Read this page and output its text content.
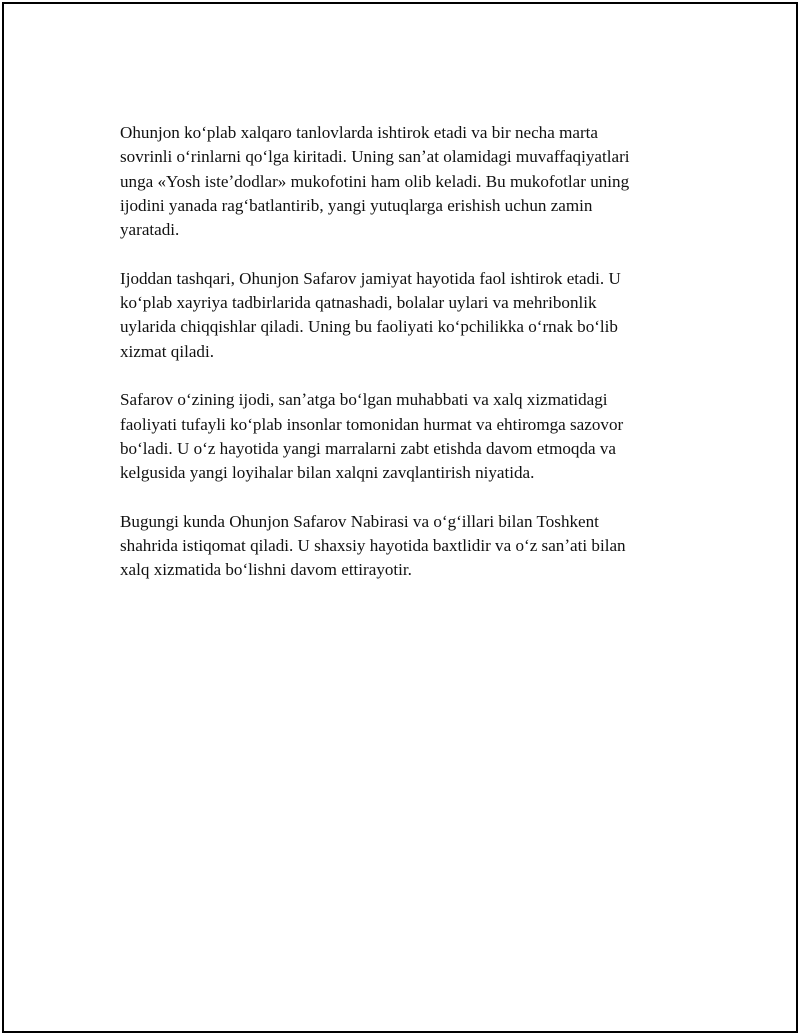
Ohunjon koʻplab xalqaro tanlovlarda ishtirok etadi va bir necha marta
sovrinli oʻrinlarni qoʻlga kiritadi. Uning sanʼat olamidagi muvaffaqiyatlari
unga «Yosh isteʼdodlar» mukofotini ham olib keladi. Bu mukofotlar uning
ijodini yanada ragʻbatlantirib, yangi yutuqlarga erishish uchun zamin
yaratadi.

Ijoddan tashqari, Ohunjon Safarov jamiyat hayotida faol ishtirok etadi. U
koʻplab xayriya tadbirlarida qatnashadi, bolalar uylari va mehribonlik
uylarida chiqqishlar qiladi. Uning bu faoliyati koʻpchilikka oʻrnak boʻlib
xizmat qiladi.

Safarov oʻzining ijodi, sanʼatga boʻlgan muhabbati va xalq xizmatidagi
faoliyati tufayli koʻplab insonlar tomonidan hurmat va ehtiromga sazovor
boʻladi. U oʻz hayotida yangi marralarni zabt etishda davom etmoqda va
kelgusida yangi loyihalar bilan xalqni zavqlantirish niyatida.

Bugungi kunda Ohunjon Safarov Nabirasi va oʻgʻillari bilan Toshkent
shahrida istiqomat qiladi. U shaxsiy hayotida baxtlidir va oʻz sanʼati bilan
xalq xizmatida boʻlishni davom ettirayotir.
